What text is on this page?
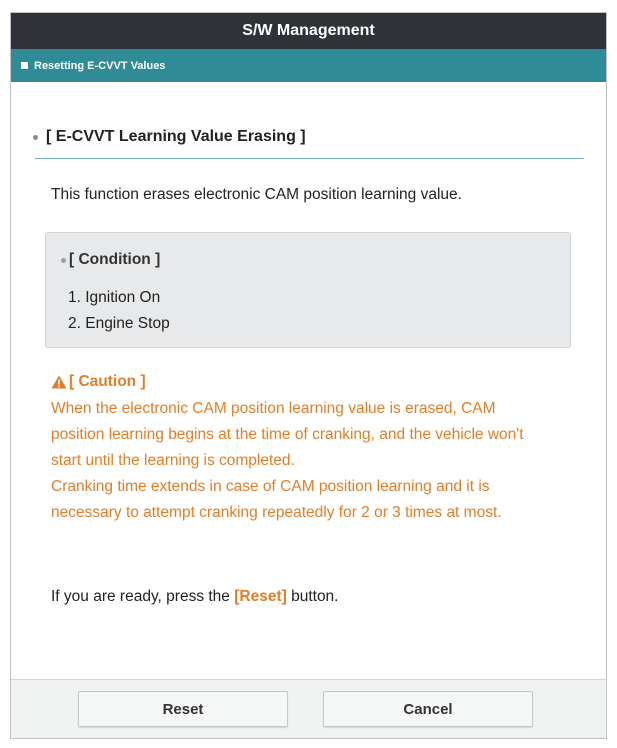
S/W Management
Resetting E-CVVT Values
[ E-CVVT Learning Value Erasing ]
This function erases electronic CAM position learning value.
[ Condition ]
1. Ignition On
2. Engine Stop
[ Caution ]
When the electronic CAM position learning value is erased, CAM
position learning begins at the time of cranking, and the vehicle won't
start until the learning is completed.
Cranking time extends in case of CAM position learning and it is
necessary to attempt cranking repeatedly for 2 or 3 times at most.
If you are ready, press the [Reset] button.
Reset	Cancel
